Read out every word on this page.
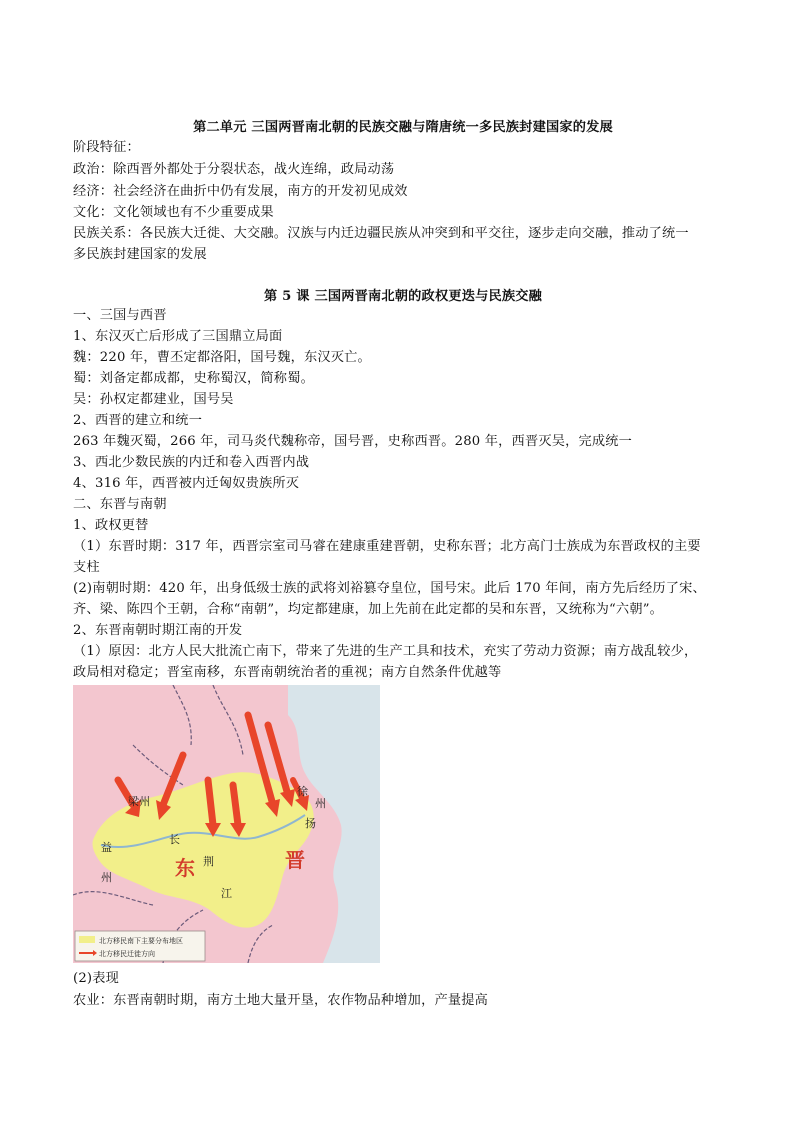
第二单元 三国两晋南北朝的民族交融与隋唐统一多民族封建国家的发展
阶段特征：
政治：除西晋外都处于分裂状态，战火连绵，政局动荡
经济：社会经济在曲折中仍有发展，南方的开发初见成效
文化：文化领域也有不少重要成果
民族关系：各民族大迁徙、大交融。汉族与内迁边疆民族从冲突到和平交往，逐步走向交融，推动了统一
多民族封建国家的发展
第 5 课 三国两晋南北朝的政权更迭与民族交融
一、三国与西晋
1、东汉灭亡后形成了三国鼎立局面
魏：220 年，曹丕定都洛阳，国号魏，东汉灭亡。
蜀：刘备定都成都，史称蜀汉，简称蜀。
吴：孙权定都建业，国号吴
2、西晋的建立和统一
263 年魏灭蜀，266 年，司马炎代魏称帝，国号晋，史称西晋。280 年，西晋灭吴，完成统一
3、西北少数民族的内迁和卷入西晋内战
4、316 年，西晋被内迁匈奴贵族所灭
二、东晋与南朝
1、政权更替
（1）东晋时期：317 年，西晋宗室司马睿在建康重建晋朝，史称东晋；北方高门士族成为东晋政权的主要
支柱
(2)南朝时期：420 年，出身低级士族的武将刘裕篡夺皇位，国号宋。此后 170 年间，南方先后经历了宋、
齐、梁、陈四个王朝，合称“南朝”，均定都建康，加上先前在此定都的吴和东晋，又统称为“六朝”。
2、东晋南朝时期江南的开发
（1）原因：北方人民大批流亡南下，带来了先进的生产工具和技术，充实了劳动力资源；南方战乱较少，
政局相对稳定；晋室南移，东晋南朝统治者的重视；南方自然条件优越等
梁州
益
州
长
东 荆	晋
江
徐
州
扬
北方移民南下主要分布地区
北方移民迁徙方向
(2)表现
农业：东晋南朝时期，南方土地大量开垦，农作物品种增加，产量提高
